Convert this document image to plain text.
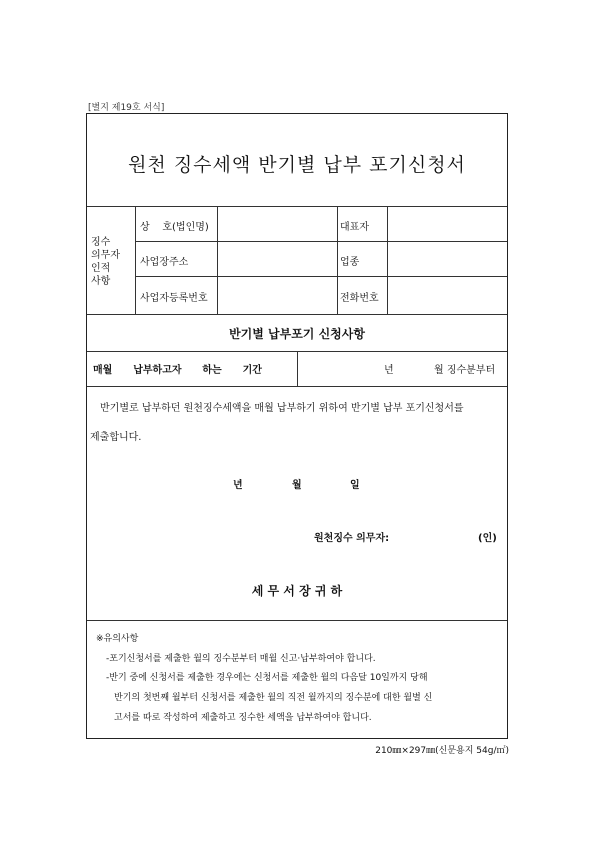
[별지 제19호 서식]
원천 징수세액 반기별 납부 포기신청서
징수
의무자
인적
사항
상    호(법인명)	대표자
사업장주소	업종
사업자등록번호	전화번호
반기별 납부포기 신청사항
매월      납부하고자      하는      기간	년	월 징수분부터
반기별로 납부하던 원천징수세액을 매월 납부하기 위하여 반기별 납부 포기신청서를
제출합니다.
년	월	일
원천징수 의무자:	(인)
세 무 서 장 귀 하
※유의사항
-포기신청서를 제출한 월의 징수분부터 매월 신고·납부하여야 합니다.
-반기 중에 신청서를 제출한 경우에는 신청서를 제출한 월의 다음달 10일까지 당해
반기의 첫번째 월부터 신청서를 제출한 월의 직전 월까지의 징수분에 대한 월별 신
고서를 따로 작성하여 제출하고 징수한 세액을 납부하여야 합니다.
210㎜×297㎜(신문용지 54g/㎡)
